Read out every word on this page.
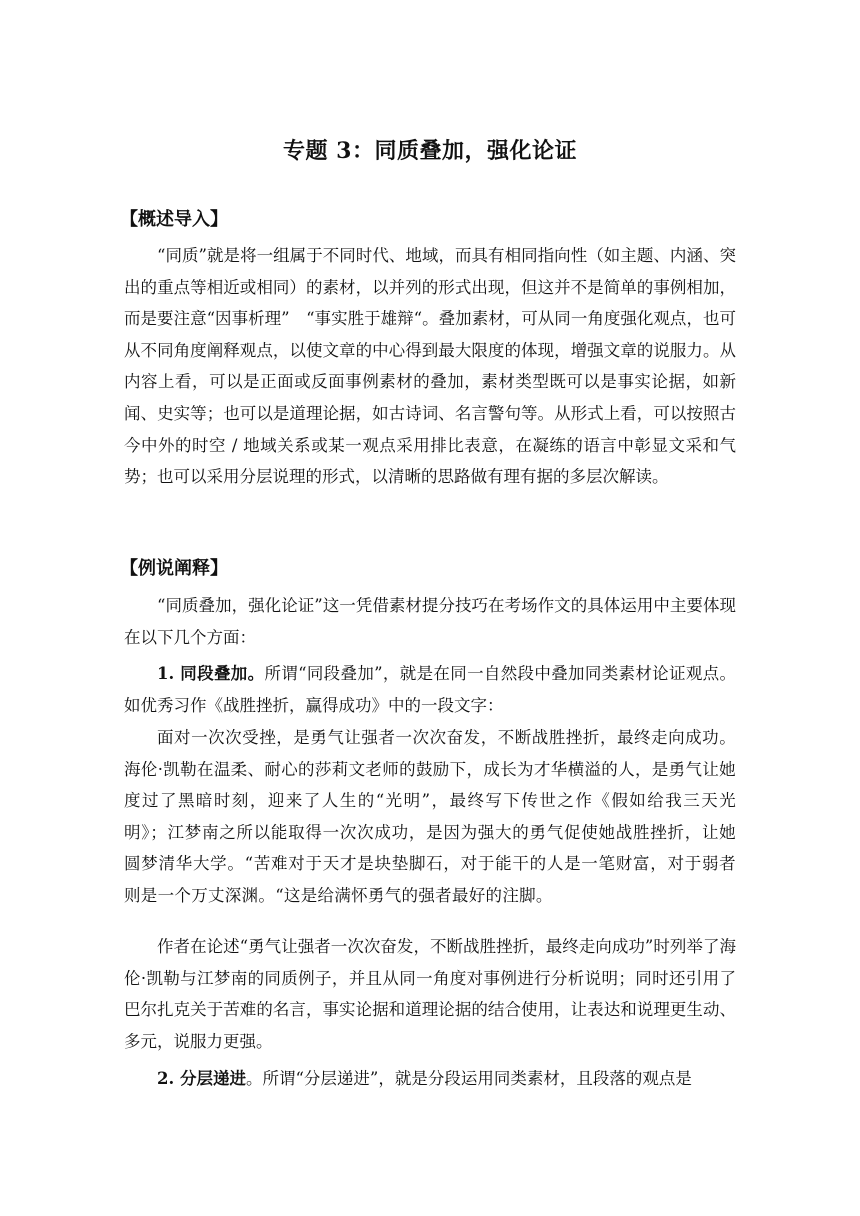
专题 3：同质叠加，强化论证
【概述导入】

“同质”就是将一组属于不同时代、地域，而具有相同指向性（如主题、内涵、突出的重点等相近或相同）的素材，以并列的形式出现，但这并不是简单的事例相加，而是要注意“因事析理”　“事实胜于雄辩“。叠加素材，可从同一角度强化观点，也可从不同角度阐释观点，以使文章的中心得到最大限度的体现，增强文章的说服力。从内容上看，可以是正面或反面事例素材的叠加，素材类型既可以是事实论据，如新闻、史实等；也可以是道理论据，如古诗词、名言警句等。从形式上看，可以按照古今中外的时空 / 地域关系或某一观点采用排比表意，在凝练的语言中彰显文采和气势；也可以采用分层说理的形式，以清晰的思路做有理有据的多层次解读。

【例说阐释】

“同质叠加，强化论证”这一凭借素材提分技巧在考场作文的具体运用中主要体现在以下几个方面：

1. 同段叠加。所谓“同段叠加”，就是在同一自然段中叠加同类素材论证观点。如优秀习作《战胜挫折，赢得成功》中的一段文字：

面对一次次受挫，是勇气让强者一次次奋发，不断战胜挫折，最终走向成功。海伦·凯勒在温柔、耐心的莎莉文老师的鼓励下，成长为才华横溢的人，是勇气让她度过了黑暗时刻，迎来了人生的“光明”，最终写下传世之作《假如给我三天光明》；江梦南之所以能取得一次次成功，是因为强大的勇气促使她战胜挫折，让她圆梦清华大学。“苦难对于天才是块垫脚石，对于能干的人是一笔财富，对于弱者则是一个万丈深渊。“这是给满怀勇气的强者最好的注脚。

作者在论述“勇气让强者一次次奋发，不断战胜挫折，最终走向成功”时列举了海伦·凯勒与江梦南的同质例子，并且从同一角度对事例进行分析说明；同时还引用了巴尔扎克关于苦难的名言，事实论据和道理论据的结合使用，让表达和说理更生动、多元，说服力更强。

2. 分层递进。所谓“分层递进”，就是分段运用同类素材，且段落的观点是
